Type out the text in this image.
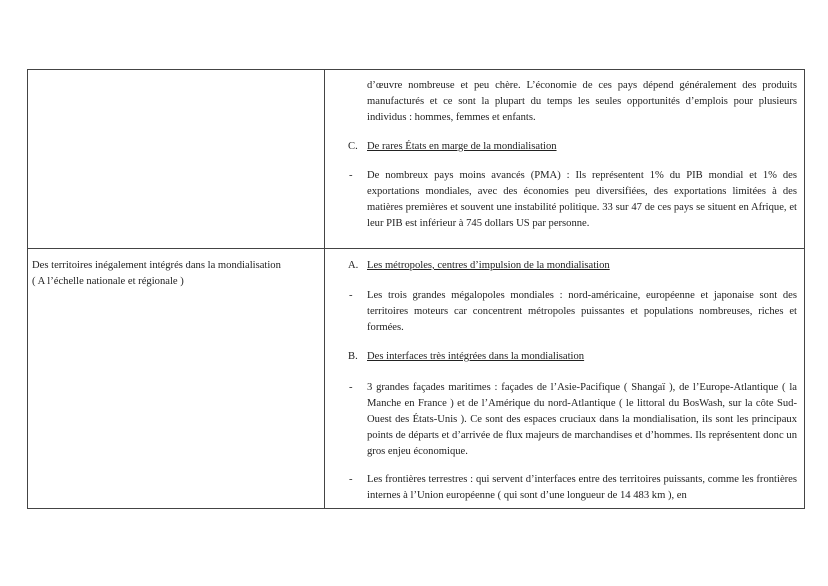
d’œuvre nombreuse et peu chère. L’économie de ces pays dépend généralement des produits manufacturés et ce sont la plupart du temps les seules opportunités d’emplois pour plusieurs individus : hommes, femmes et enfants.
C. De rares États en marge de la mondialisation
- De nombreux pays moins avancés (PMA) : Ils représentent 1% du PIB mondial et 1% des exportations mondiales, avec des économies peu diversifiées, des exportations limitées à des matières premières et souvent une instabilité politique. 33 sur 47 de ces pays se situent en Afrique, et leur PIB est inférieur à 745 dollars US par personne.
Des territoires inégalement intégrés dans la mondialisation
( A l’échelle nationale et régionale )
A. Les métropoles, centres d’impulsion de la mondialisation
- Les trois grandes mégalopoles mondiales : nord-américaine, européenne et japonaise sont des territoires moteurs car concentrent métropoles puissantes et populations nombreuses, riches et formées.
B. Des interfaces très intégrées dans la mondialisation
- 3 grandes façades maritimes : façades de l’Asie-Pacifique ( Shangaï ), de l’Europe-Atlantique ( la Manche en France ) et de l’Amérique du nord-Atlantique ( le littoral du BosWash, sur la côte Sud-Ouest des États-Unis ). Ce sont des espaces cruciaux dans la mondialisation, ils sont les principaux points de départs et d’arrivée de flux majeurs de marchandises et d’hommes. Ils représentent donc un gros enjeu économique.
- Les frontières terrestres : qui servent d’interfaces entre des territoires puissants, comme les frontières internes à l’Union européenne ( qui sont d’une longueur de 14 483 km ), en
